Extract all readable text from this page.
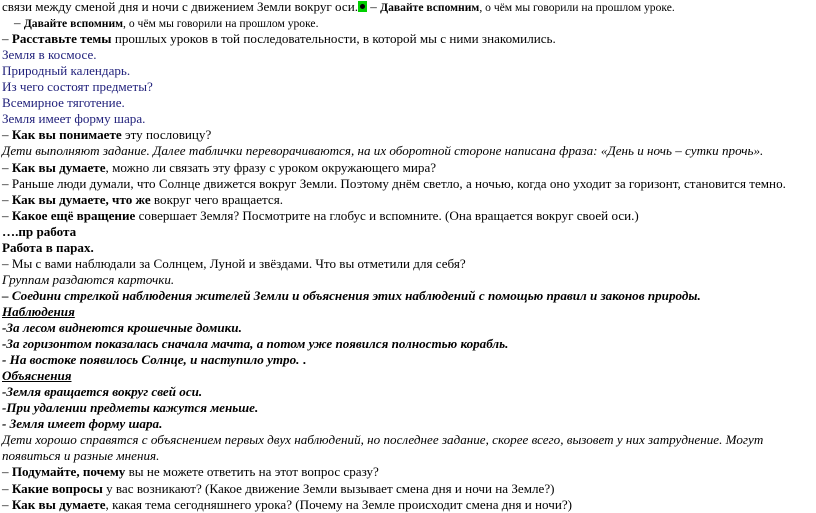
связи между сменой дня и ночи с движением Земли вокруг оси. – Давайте вспомним, о чём мы говорили на прошлом уроке.
– Давайте вспомним, о чём мы говорили на прошлом уроке.
– Расставьте темы прошлых уроков в той последовательности, в которой мы с ними знакомились.
Земля в космосе.
Природный календарь.
Из чего состоят предметы?
Всемирное тяготение.
Земля имеет форму шара.
– Как вы понимаете эту пословицу?
Дети выполняют задание. Далее таблички переворачиваются, на их оборотной стороне написана фраза: «День и ночь – сутки прочь».
– Как вы думаете, можно ли связать эту фразу с уроком окружающего мира?
– Раньше люди думали, что Солнце движется вокруг Земли. Поэтому днём светло, а ночью, когда оно уходит за горизонт, становится темно.
– Как вы думаете, что же вокруг чего вращается.
– Какое ещё вращение совершает Земля? Посмотрите на глобус и вспомните. (Она вращается вокруг своей оси.)
….пр работа
Работа в парах.
– Мы с вами наблюдали за Солнцем, Луной и звёздами. Что вы отметили для себя?
Группам раздаются карточки.
– Соедини стрелкой наблюдения жителей Земли и объяснения этих наблюдений с помощью правил и законов природы.
Наблюдения
-За лесом виднеются крошечные домики.
-За горизонтом показалась сначала мачта, а потом уже появился полностью корабль.
- На востоке появилось Солнце, и наступило утро. .
Объяснения
-Земля вращается вокруг свей оси.
-При удалении предметы кажутся меньше.
- Земля имеет форму шара.
Дети хорошо справятся с объяснением первых двух наблюдений, но последнее задание, скорее всего, вызовет у них затруднение. Могут
появиться и разные мнения.
– Подумайте, почему вы не можете ответить на этот вопрос сразу?
– Какие вопросы у вас возникают? (Какое движение Земли вызывает смена дня и ночи на Земле?)
– Как вы думаете, какая тема сегодняшнего урока? (Почему на Земле происходит смена дня и ночи?)
